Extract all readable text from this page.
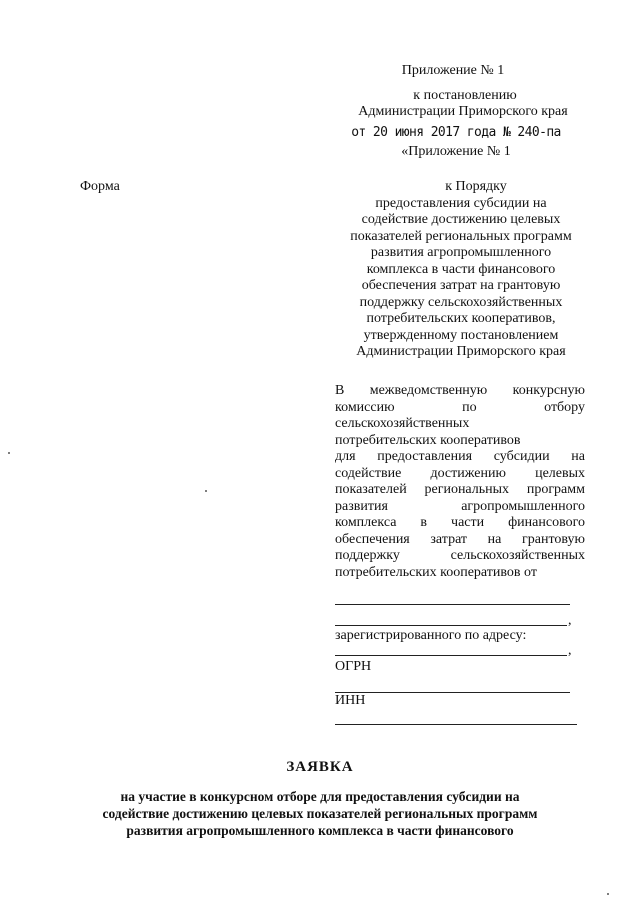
Приложение № 1
к постановлению
Администрации Приморского края
от 20 июня 2017 года № 240-па
«Приложение № 1
Форма	к Порядку
предоставления субсидии на
содействие достижению целевых
показателей региональных программ
развития агропромышленного
комплекса в части финансового
обеспечения затрат на грантовую
поддержку сельскохозяйственных
потребительских кооперативов,
утвержденному постановлением
Администрации Приморского края
В межведомственную конкурсную
комиссию по отбору
сельскохозяйственных
потребительских кооперативов
для предоставления субсидии на
содействие достижению целевых
показателей региональных программ
развития агропромышленного
комплекса в части финансового
обеспечения затрат на грантовую
поддержку сельскохозяйственных
потребительских кооперативов от
,
зарегистрированного по адресу:
,
ОГРН
ИНН
ЗАЯВКА
на участие в конкурсном отборе для предоставления субсидии на
содействие достижению целевых показателей региональных программ
развития агропромышленного комплекса в части финансового
